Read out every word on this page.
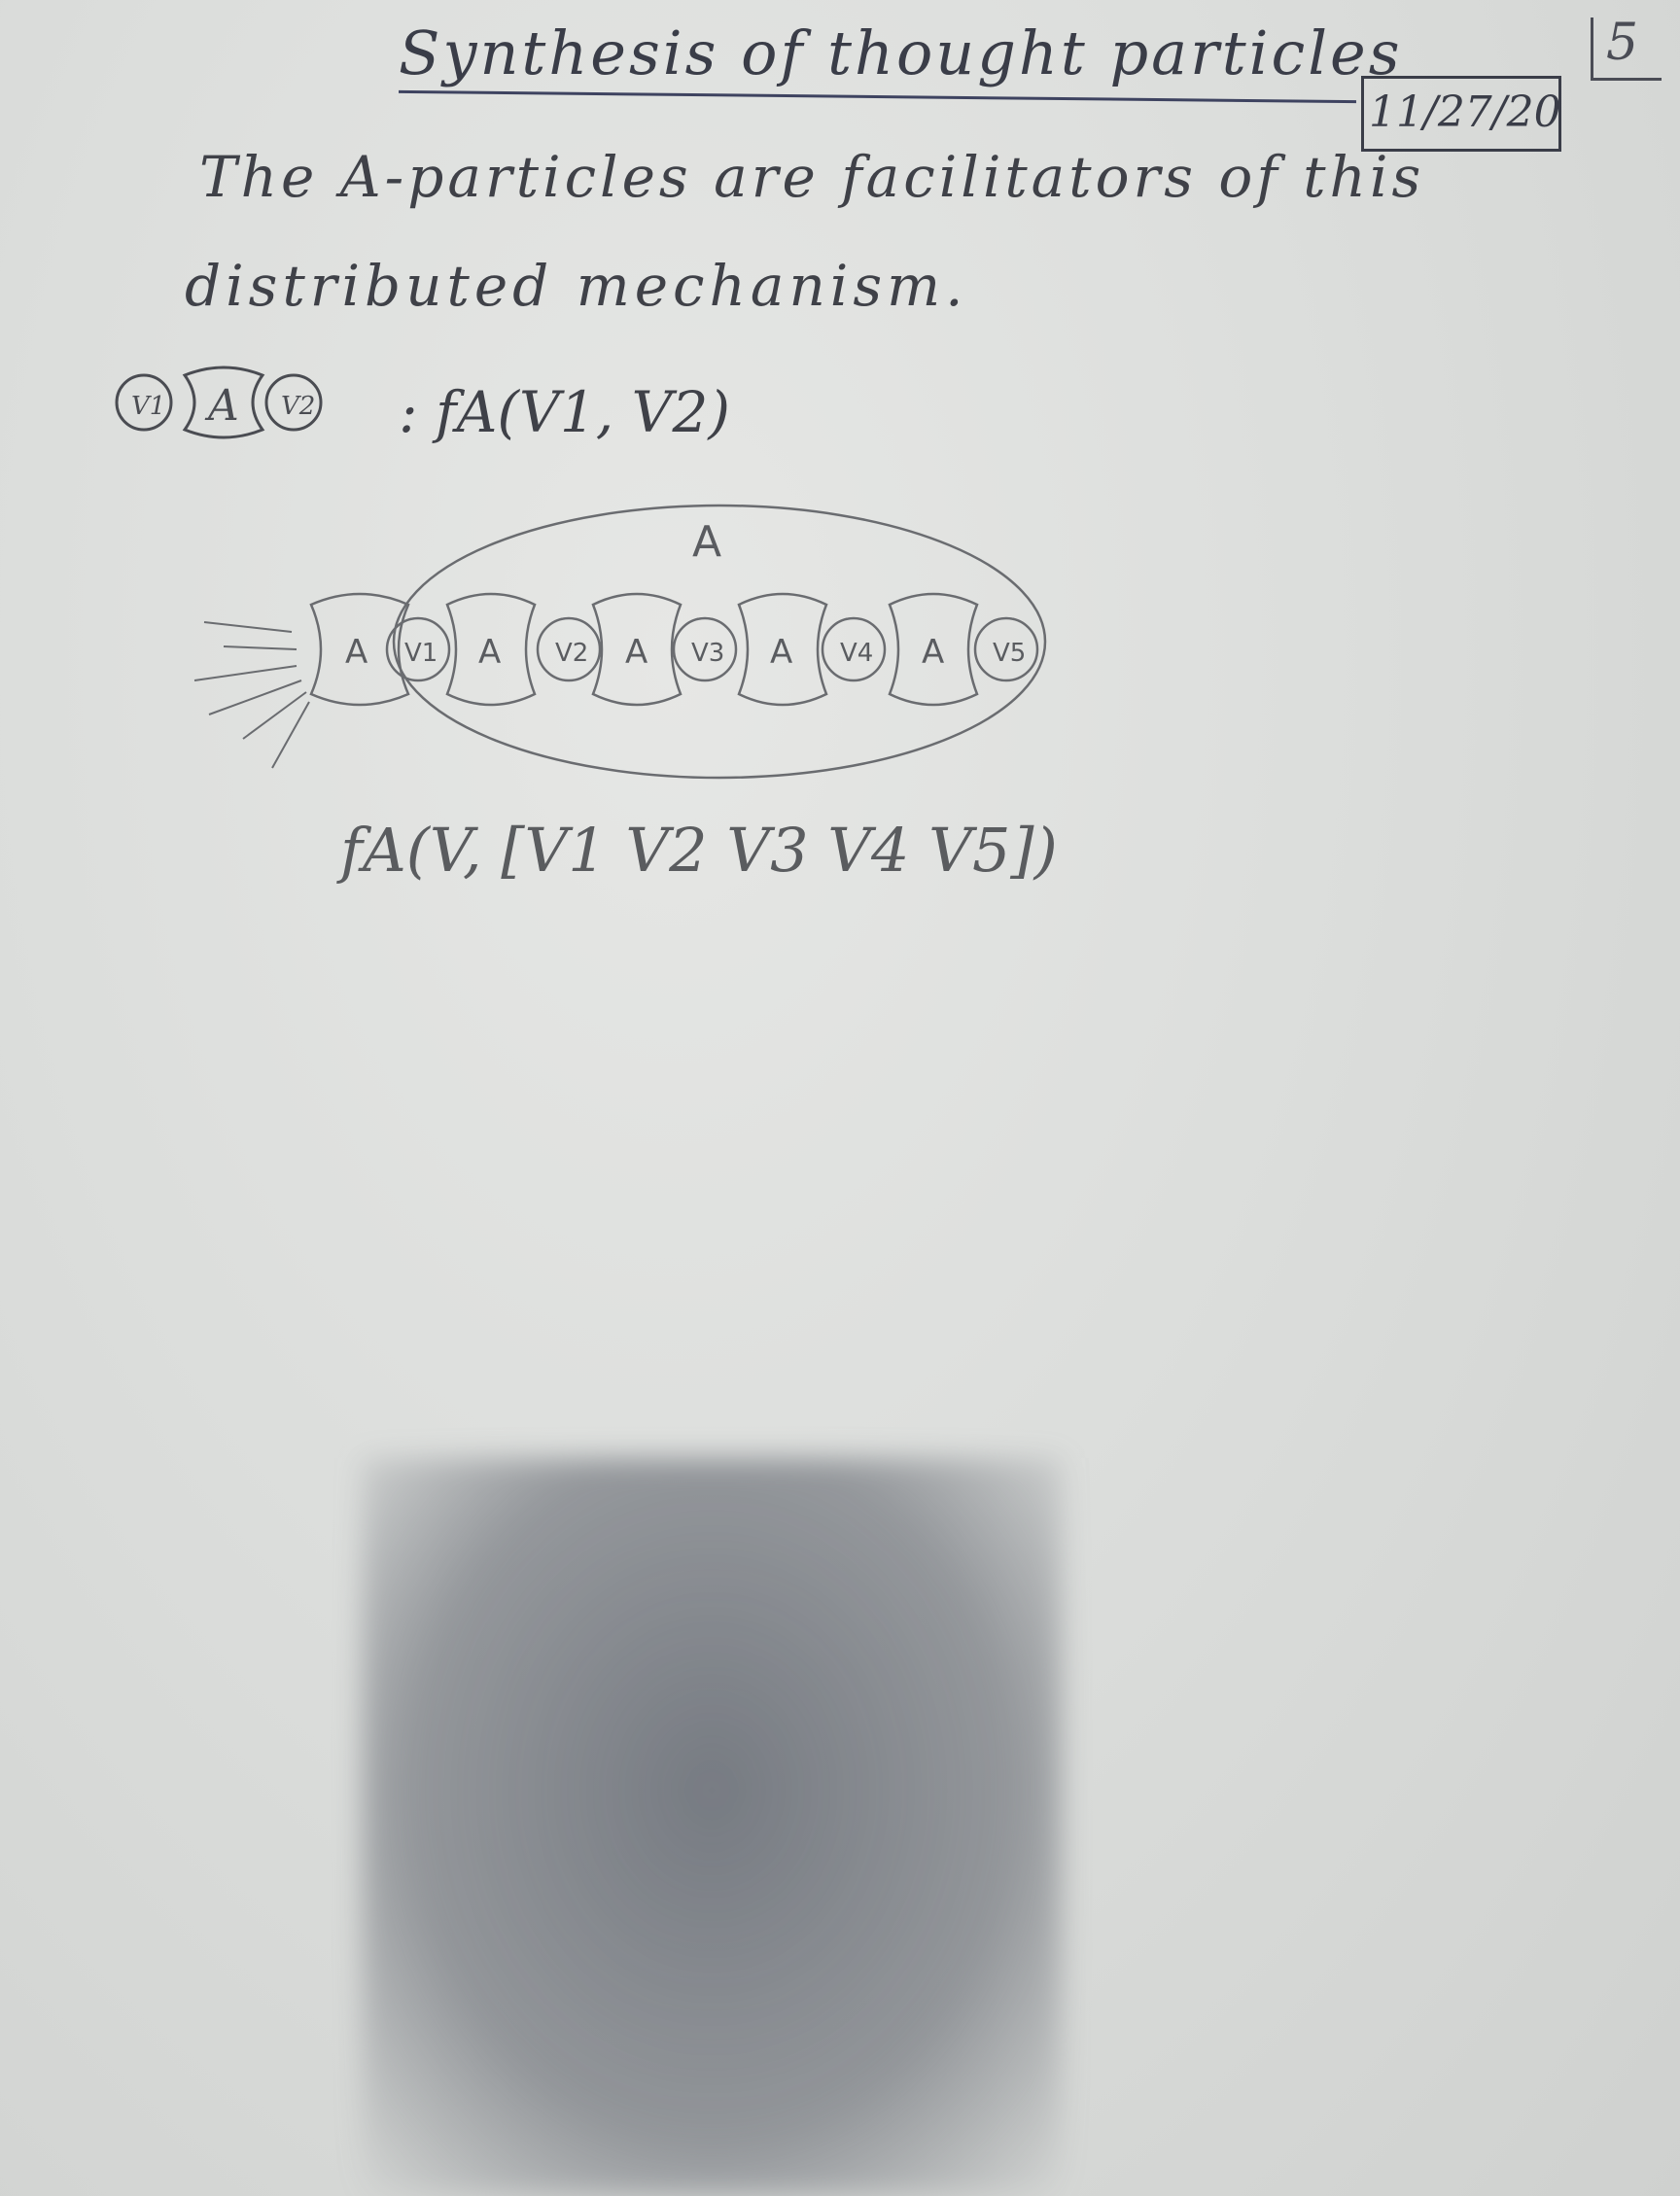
5
Synthesis of thought particles
11/27/20
The A-particles are facilitators of this
distributed mechanism.
V1 A V2
A
A V1 A V2 A V3 A V4 A V5
: fA(V1, V2)
fA(V, [V1 V2 V3 V4 V5])
